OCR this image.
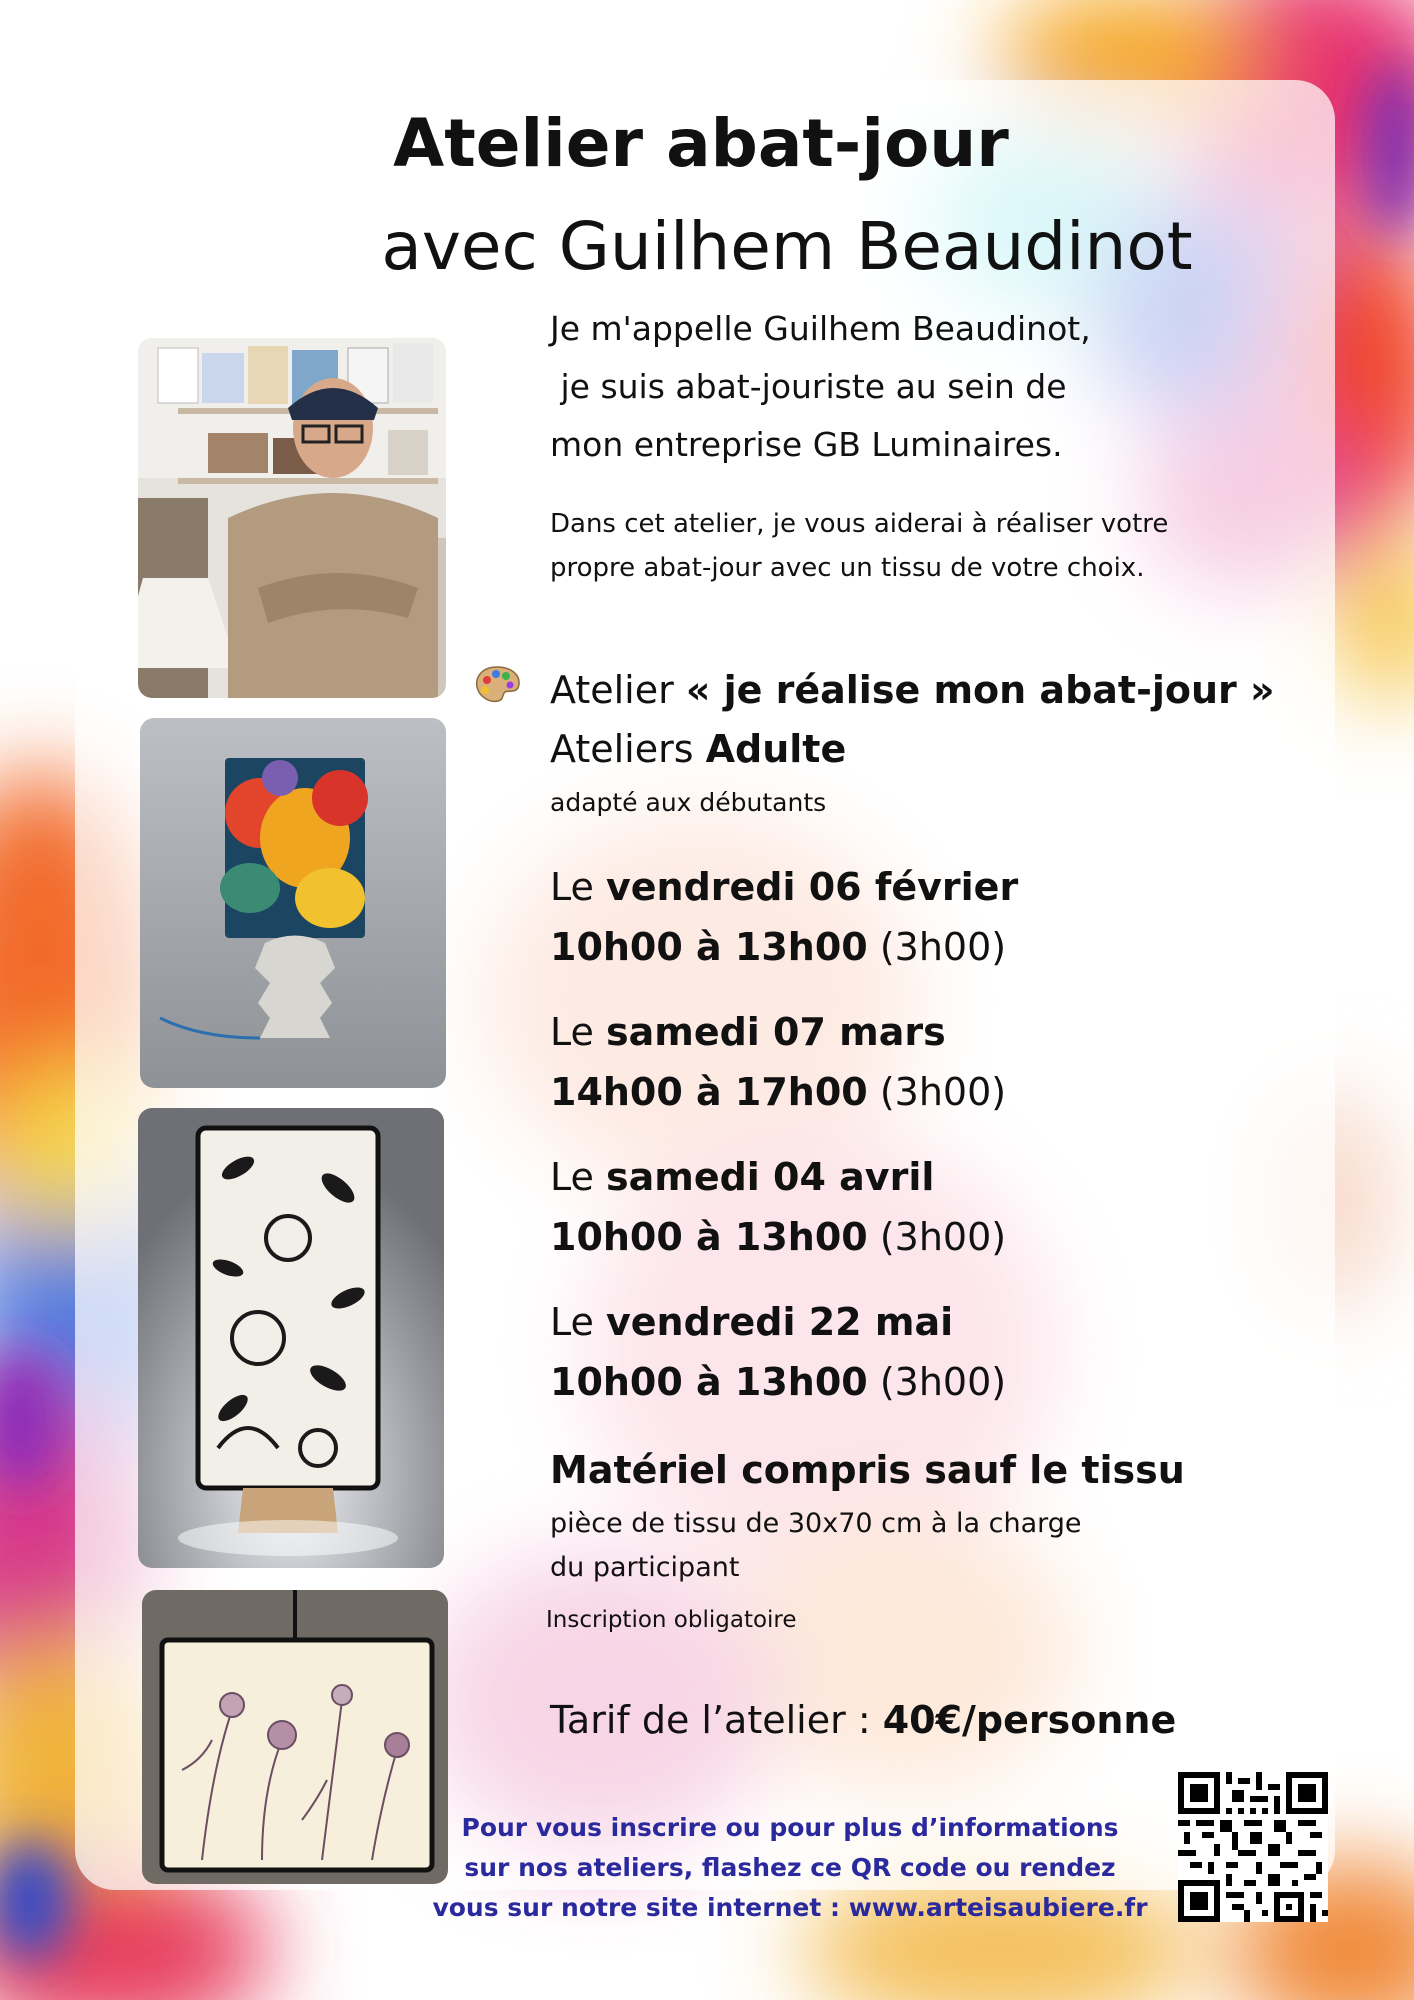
Atelier abat-jour
avec Guilhem Beaudinot
Je m'appelle Guilhem Beaudinot,
je suis abat-jouriste au sein de
mon entreprise GB Luminaires.
Dans cet atelier, je vous aiderai à réaliser votre
propre abat-jour avec un tissu de votre choix.
Atelier « je réalise mon abat-jour »
Ateliers Adulte
adapté aux débutants
Le vendredi 06 février
10h00 à 13h00 (3h00)
Le samedi 07 mars
14h00 à 17h00 (3h00)
Le samedi 04 avril
10h00 à 13h00 (3h00)
Le vendredi 22 mai
10h00 à 13h00 (3h00)
Matériel compris sauf le tissu
pièce de tissu de 30x70 cm à la charge
du participant
Inscription obligatoire
Tarif de l’atelier : 40€/personne
Pour vous inscrire ou pour plus d’informations
sur nos ateliers, flashez ce QR code ou rendez
vous sur notre site internet : www.arteisaubiere.fr
